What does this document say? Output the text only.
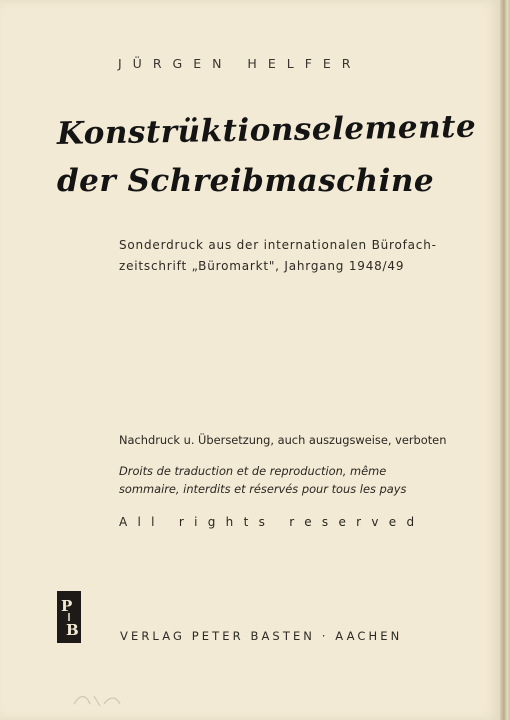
JÜRGEN HELFER
Konstrüktionselemente
der Schreibmaschine
Sonderdruck aus der internationalen Bürofach-
zeitschrift „Büromarkt", Jahrgang 1948/49
Nachdruck u. Übersetzung, auch auszugsweise, verboten
Droits de traduction et de reproduction, même
sommaire, interdits et réservés pour tous les pays
All rights reserved
P
B	VERLAG PETER BASTEN · AACHEN
